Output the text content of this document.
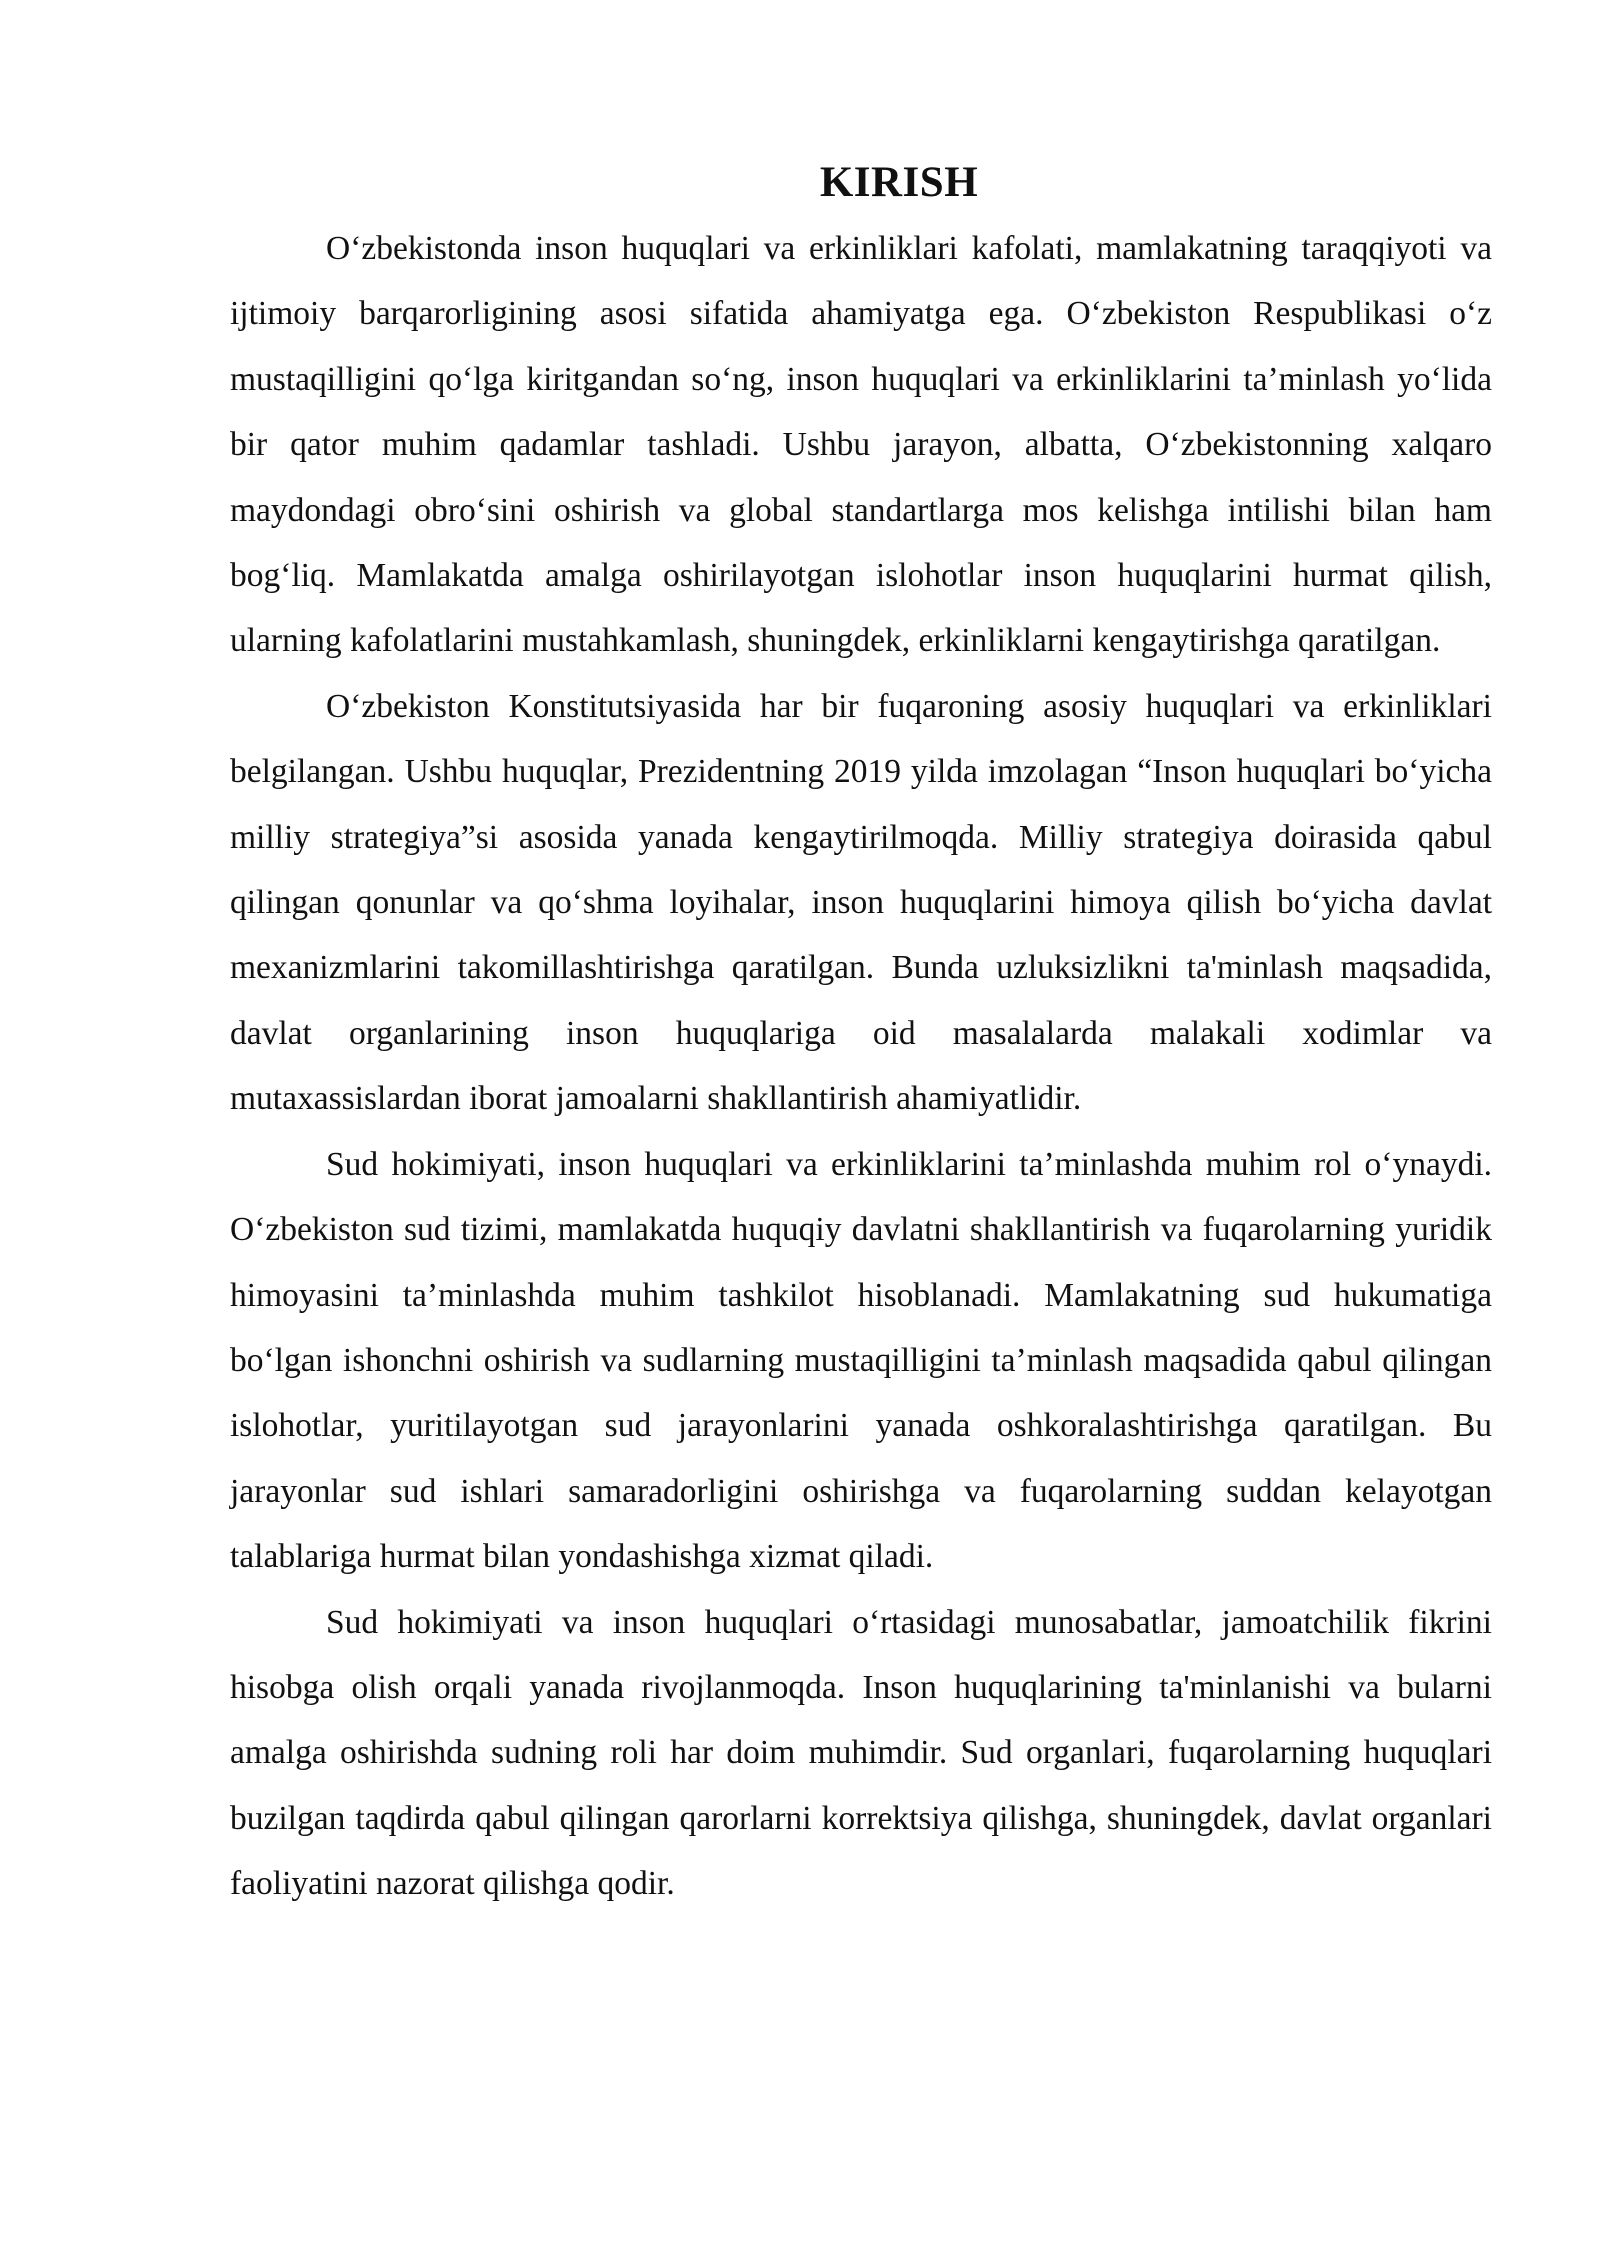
KIRISH

O‘zbekistonda inson huquqlari va erkinliklari kafolati, mamlakatning taraqqiyoti va ijtimoiy barqarorligining asosi sifatida ahamiyatga ega. O‘zbekiston Respublikasi o‘z mustaqilligini qo‘lga kiritgandan so‘ng, inson huquqlari va erkinliklarini ta’minlash yo‘lida bir qator muhim qadamlar tashladi. Ushbu jarayon, albatta, O‘zbekistonning xalqaro maydondagi obro‘sini oshirish va global standartlarga mos kelishga intilishi bilan ham bog‘liq. Mamlakatda amalga oshirilayotgan islohotlar inson huquqlarini hurmat qilish, ularning kafolatlarini mustahkamlash, shuningdek, erkinliklarni kengaytirishga qaratilgan.

O‘zbekiston Konstitutsiyasida har bir fuqaroning asosiy huquqlari va erkinliklari belgilangan. Ushbu huquqlar, Prezidentning 2019 yilda imzolagan “Inson huquqlari bo‘yicha milliy strategiya”si asosida yanada kengaytirilmoqda. Milliy strategiya doirasida qabul qilingan qonunlar va qo‘shma loyihalar, inson huquqlarini himoya qilish bo‘yicha davlat mexanizmlarini takomillashtirishga qaratilgan. Bunda uzluksizlikni ta'minlash maqsadida, davlat organlarining inson huquqlariga oid masalalarda malakali xodimlar va mutaxassislardan iborat jamoalarni shakllantirish ahamiyatlidir.

Sud hokimiyati, inson huquqlari va erkinliklarini ta’minlashda muhim rol o‘ynaydi. O‘zbekiston sud tizimi, mamlakatda huquqiy davlatni shakllantirish va fuqarolarning yuridik himoyasini ta’minlashda muhim tashkilot hisoblanadi. Mamlakatning sud hukumatiga bo‘lgan ishonchni oshirish va sudlarning mustaqilligini ta’minlash maqsadida qabul qilingan islohotlar, yuritilayotgan sud jarayonlarini yanada oshkoralashtirishga qaratilgan. Bu jarayonlar sud ishlari samaradorligini oshirishga va fuqarolarning suddan kelayotgan talablariga hurmat bilan yondashishga xizmat qiladi.

Sud hokimiyati va inson huquqlari o‘rtasidagi munosabatlar, jamoatchilik fikrini hisobga olish orqali yanada rivojlanmoqda. Inson huquqlarining ta'minlanishi va bularni amalga oshirishda sudning roli har doim muhimdir. Sud organlari, fuqarolarning huquqlari buzilgan taqdirda qabul qilingan qarorlarni korrektsiya qilishga, shuningdek, davlat organlari faoliyatini nazorat qilishga qodir.
